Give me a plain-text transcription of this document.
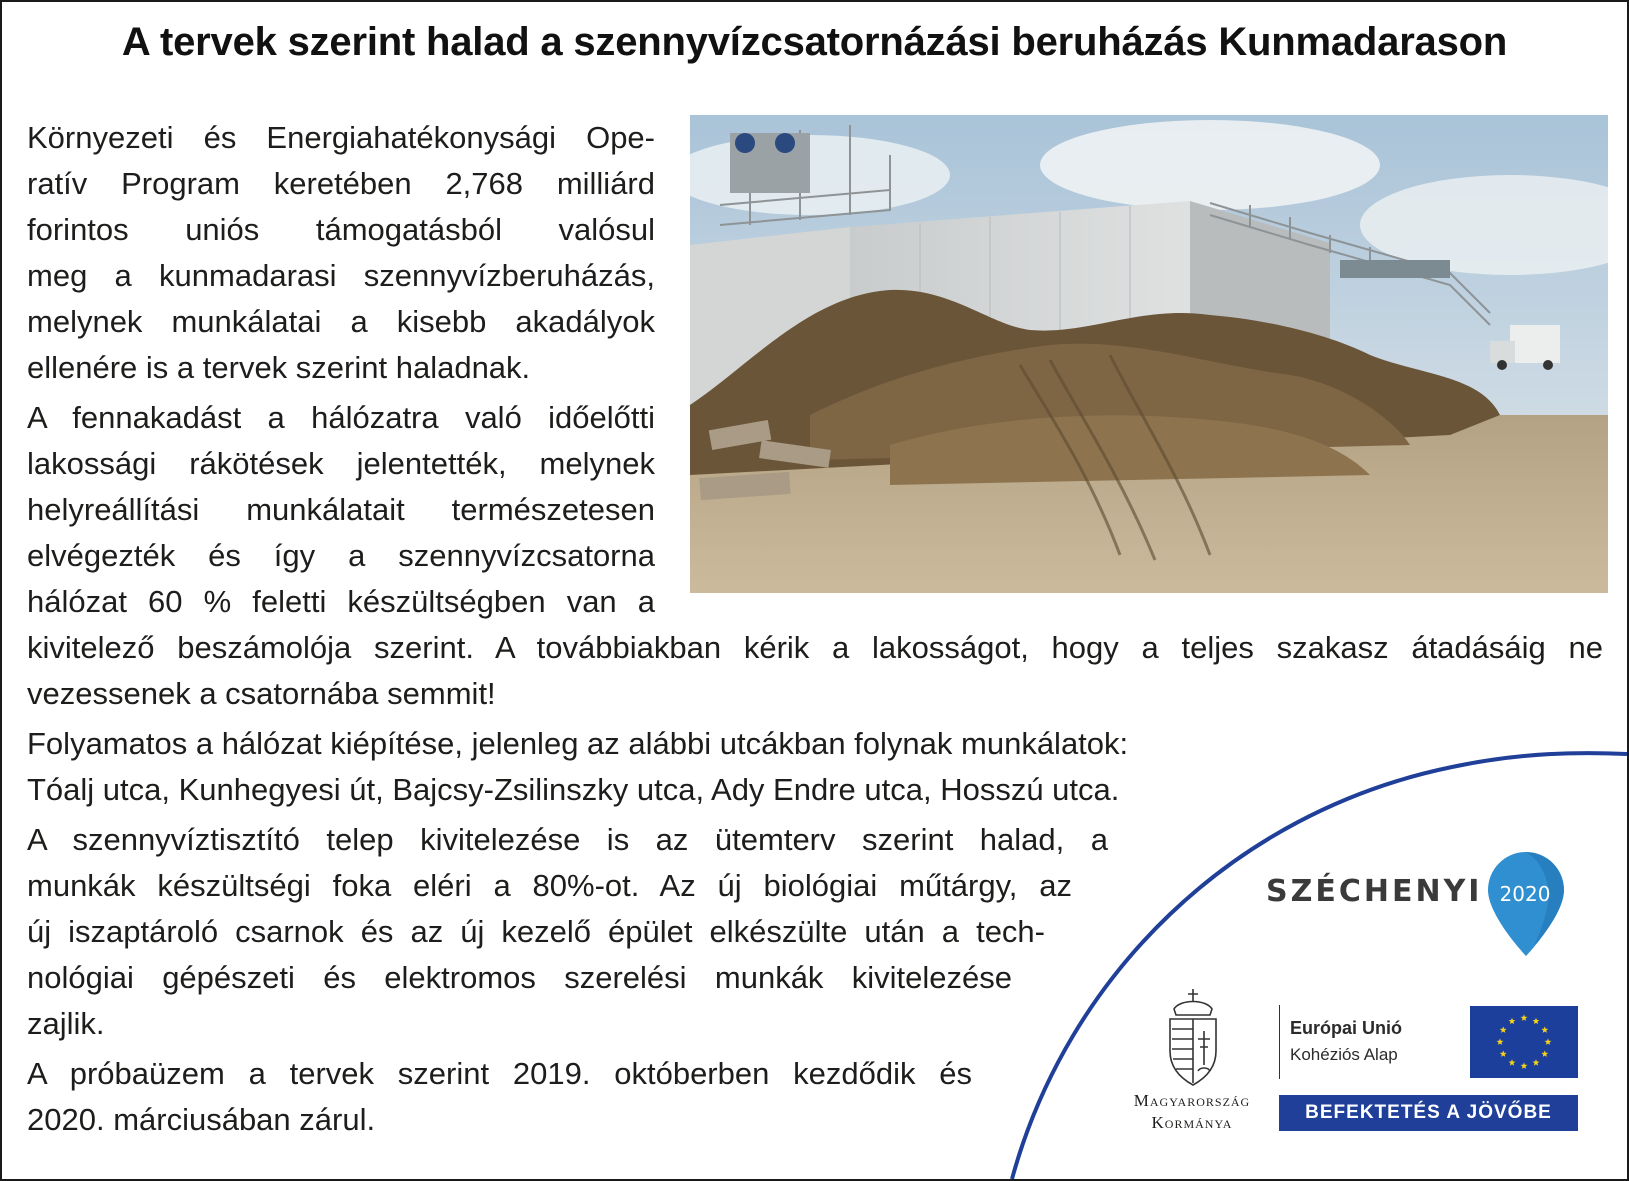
A tervek szerint halad a szennyvízcsatornázási beruházás Kunmadarason
Környezeti és Energiahatékonysági Ope-
ratív Program keretében 2,768 milliárd
forintos uniós támogatásból valósul
meg a kunmadarasi szennyvízberuházás,
melynek munkálatai a kisebb akadályok
ellenére is a tervek szerint haladnak.
A fennakadást a hálózatra való időelőtti
lakossági rákötések jelentették, melynek
helyreállítási munkálatait természetesen
elvégezték és így a szennyvízcsatorna
hálózat 60 % feletti készültségben van a
kivitelező beszámolója szerint. A továbbiakban kérik a lakosságot, hogy a teljes szakasz átadásáig ne
vezessenek a csatornába semmit!
Folyamatos a hálózat kiépítése, jelenleg az alábbi utcákban folynak munkálatok:
Tóalj utca, Kunhegyesi út, Bajcsy-Zsilinszky utca, Ady Endre utca, Hosszú utca.
A szennyvíztisztító telep kivitelezése is az ütemterv szerint halad, a
munkák készültségi foka eléri a 80%-ot. Az új biológiai műtárgy, az
új iszaptároló csarnok és az új kezelő épület elkészülte után a tech-
nológiai gépészeti és elektromos szerelési munkák kivitelezése
zajlik.
A próbaüzem a tervek szerint 2019. októberben kezdődik és
2020. márciusában zárul.
SZÉCHENYI 2020
Magyarország
Kormánya
Európai Unió
Kohéziós Alap
BEFEKTETÉS A JÖVŐBE
